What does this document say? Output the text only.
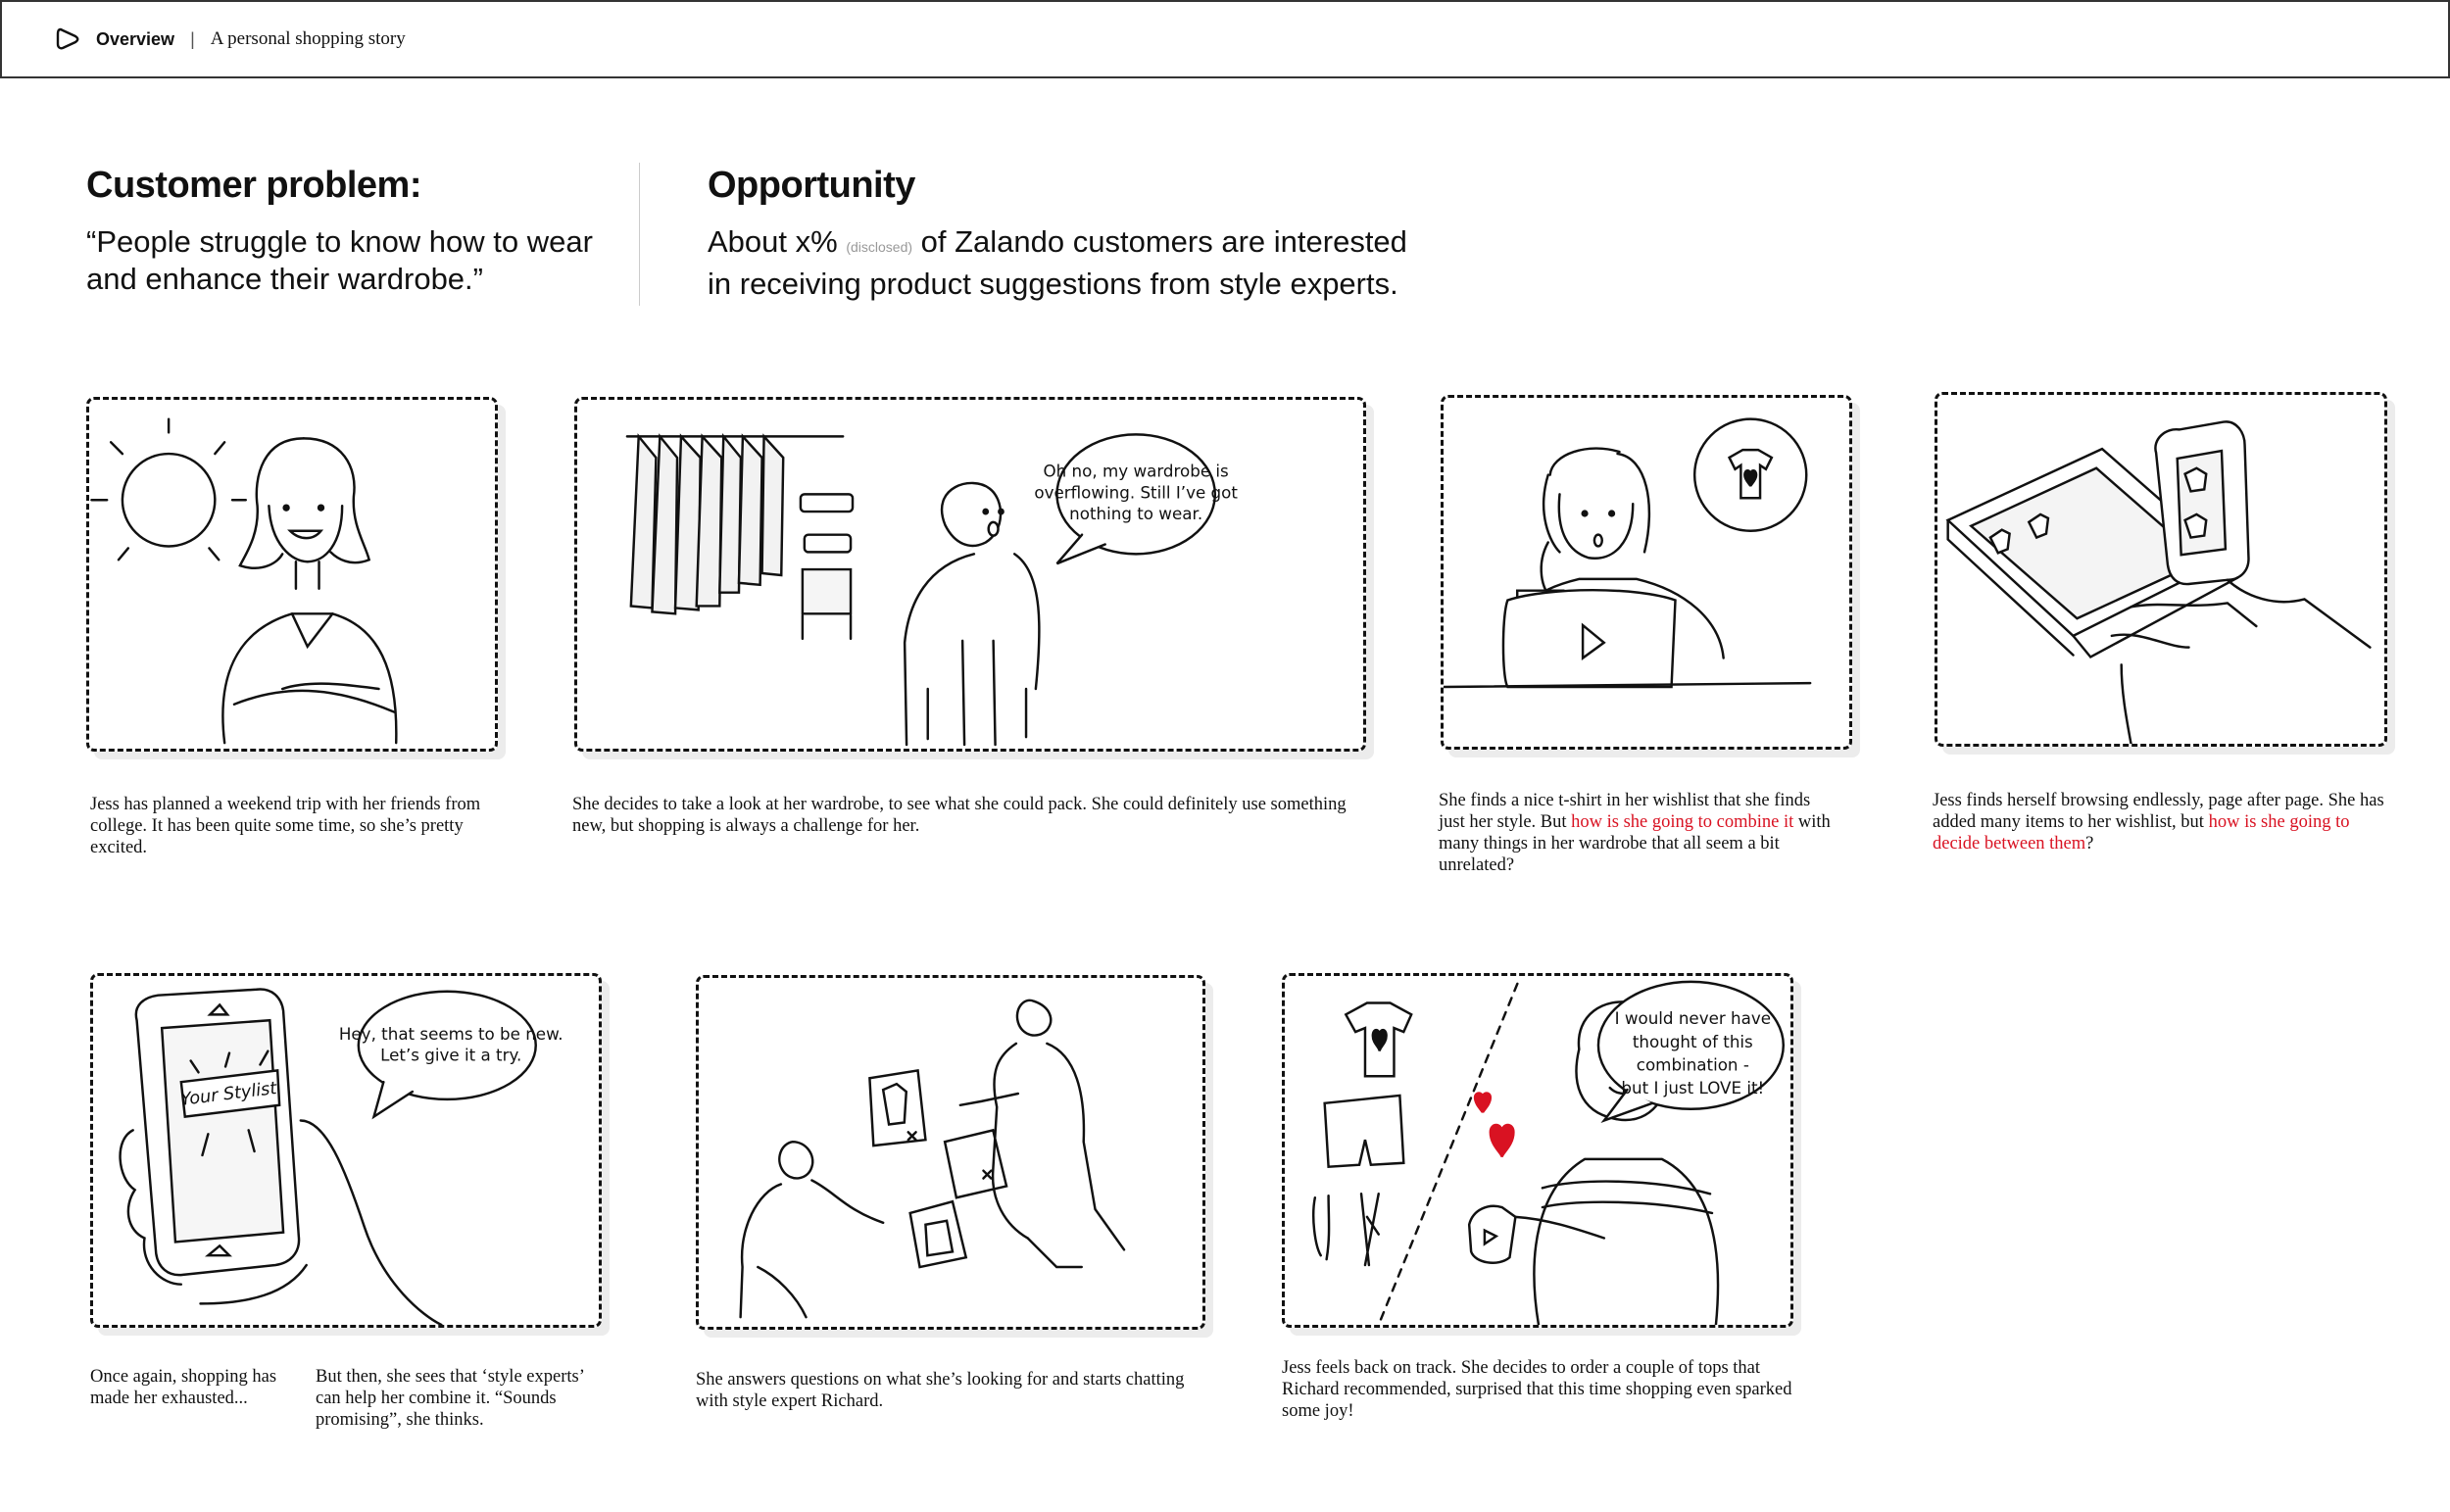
Overview | A personal shopping story
Customer problem:
“People struggle to know how to wear
and enhance their wardrobe.”
Opportunity
About x% (disclosed) of Zalando customers are interested
in receiving product suggestions from style experts.
Jess has planned a weekend trip with her friends from college. It has been quite some time, so she’s pretty excited.
Oh no, my wardrobe is
overflowing. Still I’ve got
nothing to wear.
She decides to take a look at her wardrobe, to see what she could pack. She could definitely use something new, but shopping is always a challenge for her.
She finds a nice t-shirt in her wishlist that she finds just her style. But how is she going to combine it with many things in her wardrobe that all seem a bit unrelated?
Jess finds herself browsing endlessly, page after page. She has added many items to her wishlist, but how is she going to decide between them?
Your Stylist
Hey, that seems to be new.
Let’s give it a try.
Once again, shopping has made her exhausted...
But then, she sees that ‘style experts’ can help her combine it. “Sounds promising”, she thinks.
She answers questions on what she’s looking for and starts chatting with style expert Richard.
I would never have
thought of this
combination -
but I just LOVE it!
Jess feels back on track. She decides to order a couple of tops that Richard recommended, surprised that this time shopping even sparked some joy!
